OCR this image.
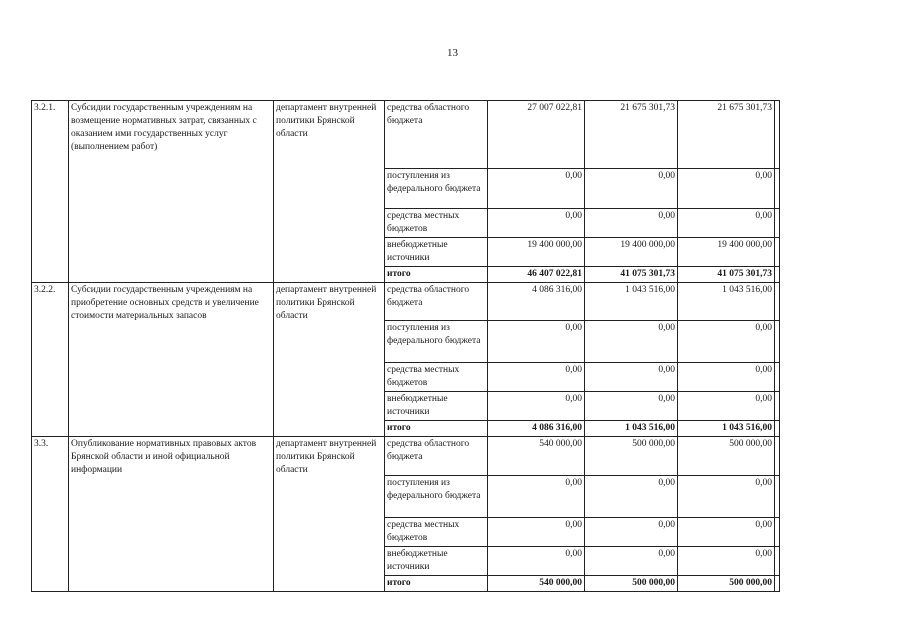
13
3.2.1.	Субсидии государственным учреждениям на возмещение нормативных затрат, связанных с оказанием ими государственных услуг (выполнением работ)	департамент внутренней политики Брянской области	средства областного бюджета	27 007 022,81	21 675 301,73	21 675 301,73	
			поступления из федерального бюджета	0,00	0,00	0,00	
			средства местных бюджетов	0,00	0,00	0,00	
			внебюджетные источники	19 400 000,00	19 400 000,00	19 400 000,00	
			итого	46 407 022,81	41 075 301,73	41 075 301,73	
3.2.2.	Субсидии государственным учреждениям на приобретение основных средств и увеличение стоимости материальных запасов	департамент внутренней политики Брянской области	средства областного бюджета	4 086 316,00	1 043 516,00	1 043 516,00	
			поступления из федерального бюджета	0,00	0,00	0,00	
			средства местных бюджетов	0,00	0,00	0,00	
			внебюджетные источники	0,00	0,00	0,00	
			итого	4 086 316,00	1 043 516,00	1 043 516,00	
3.3.	Опубликование нормативных правовых актов Брянской области и иной официальной информации	департамент внутренней политики Брянской области	средства областного бюджета	540 000,00	500 000,00	500 000,00	
			поступления из федерального бюджета	0,00	0,00	0,00	
			средства местных бюджетов	0,00	0,00	0,00	
			внебюджетные источники	0,00	0,00	0,00	
			итого	540 000,00	500 000,00	500 000,00	
